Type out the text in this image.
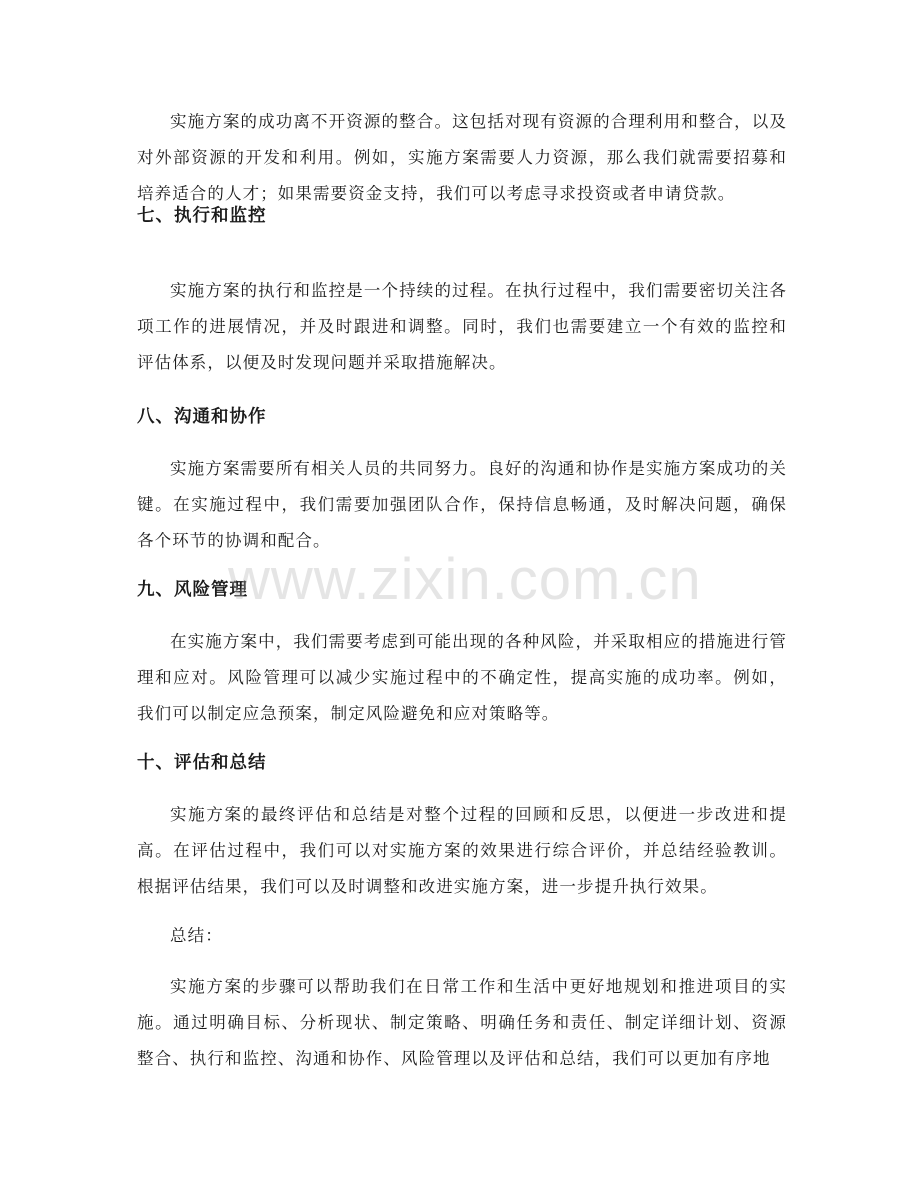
实施方案的成功离不开资源的整合。这包括对现有资源的合理利用和整合，以及对外部资源的开发和利用。例如，实施方案需要人力资源，那么我们就需要招募和培养适合的人才；如果需要资金支持，我们可以考虑寻求投资或者申请贷款。

七、执行和监控

实施方案的执行和监控是一个持续的过程。在执行过程中，我们需要密切关注各项工作的进展情况，并及时跟进和调整。同时，我们也需要建立一个有效的监控和评估体系，以便及时发现问题并采取措施解决。

八、沟通和协作

实施方案需要所有相关人员的共同努力。良好的沟通和协作是实施方案成功的关键。在实施过程中，我们需要加强团队合作，保持信息畅通，及时解决问题，确保各个环节的协调和配合。

九、风险管理

在实施方案中，我们需要考虑到可能出现的各种风险，并采取相应的措施进行管理和应对。风险管理可以减少实施过程中的不确定性，提高实施的成功率。例如，我们可以制定应急预案，制定风险避免和应对策略等。

十、评估和总结

实施方案的最终评估和总结是对整个过程的回顾和反思，以便进一步改进和提高。在评估过程中，我们可以对实施方案的效果进行综合评价，并总结经验教训。根据评估结果，我们可以及时调整和改进实施方案，进一步提升执行效果。

总结：

实施方案的步骤可以帮助我们在日常工作和生活中更好地规划和推进项目的实施。通过明确目标、分析现状、制定策略、明确任务和责任、制定详细计划、资源整合、执行和监控、沟通和协作、风险管理以及评估和总结，我们可以更加有序地

www.zixin.com.cn
